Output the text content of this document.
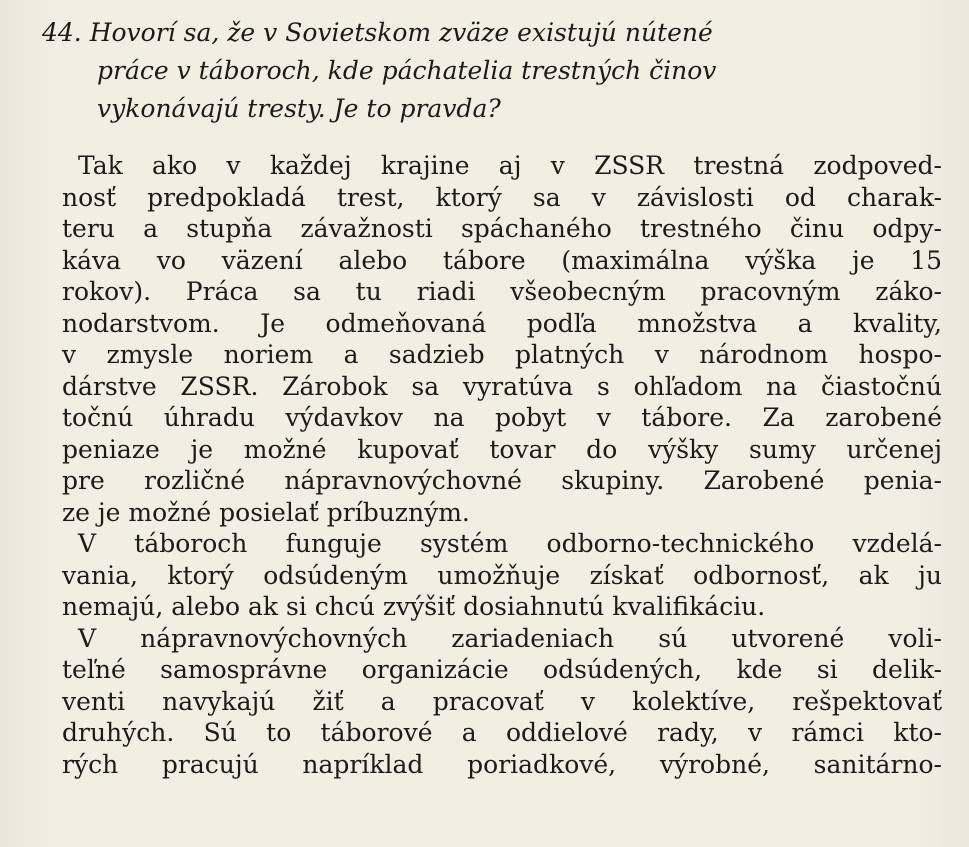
44. Hovorí sa, že v Sovietskom zväze existujú nútené
práce v táboroch, kde páchatelia trestných činov
vykonávajú tresty. Je to pravda?
Tak ako v každej krajine aj v ZSSR trestná zodpoved-
nosť predpokladá trest, ktorý sa v závislosti od charak-
teru a stupňa závažnosti spáchaného trestného činu odpy-
káva vo väzení alebo tábore (maximálna výška je 15
rokov). Práca sa tu riadi všeobecným pracovným záko-
nodarstvom. Je odmeňovaná podľa množstva a kvality,
v zmysle noriem a sadzieb platných v národnom hospo-
dárstve ZSSR. Zárobok sa vyratúva s ohľadom na čiastočnú
točnú úhradu výdavkov na pobyt v tábore. Za zarobené
peniaze je možné kupovať tovar do výšky sumy určenej
pre rozličné nápravnovýchovné skupiny. Zarobené penia-
ze je možné posielať príbuzným.
V táboroch funguje systém odborno-technického vzdelá-
vania, ktorý odsúdeným umožňuje získať odbornosť, ak ju
nemajú, alebo ak si chcú zvýšiť dosiahnutú kvalifikáciu.
V nápravnovýchovných zariadeniach sú utvorené voli-
teľné samosprávne organizácie odsúdených, kde si delik-
venti navykajú žiť a pracovať v kolektíve, rešpektovať
druhých. Sú to táborové a oddielové rady, v rámci kto-
rých pracujú napríklad poriadkové, výrobné, sanitárno-
